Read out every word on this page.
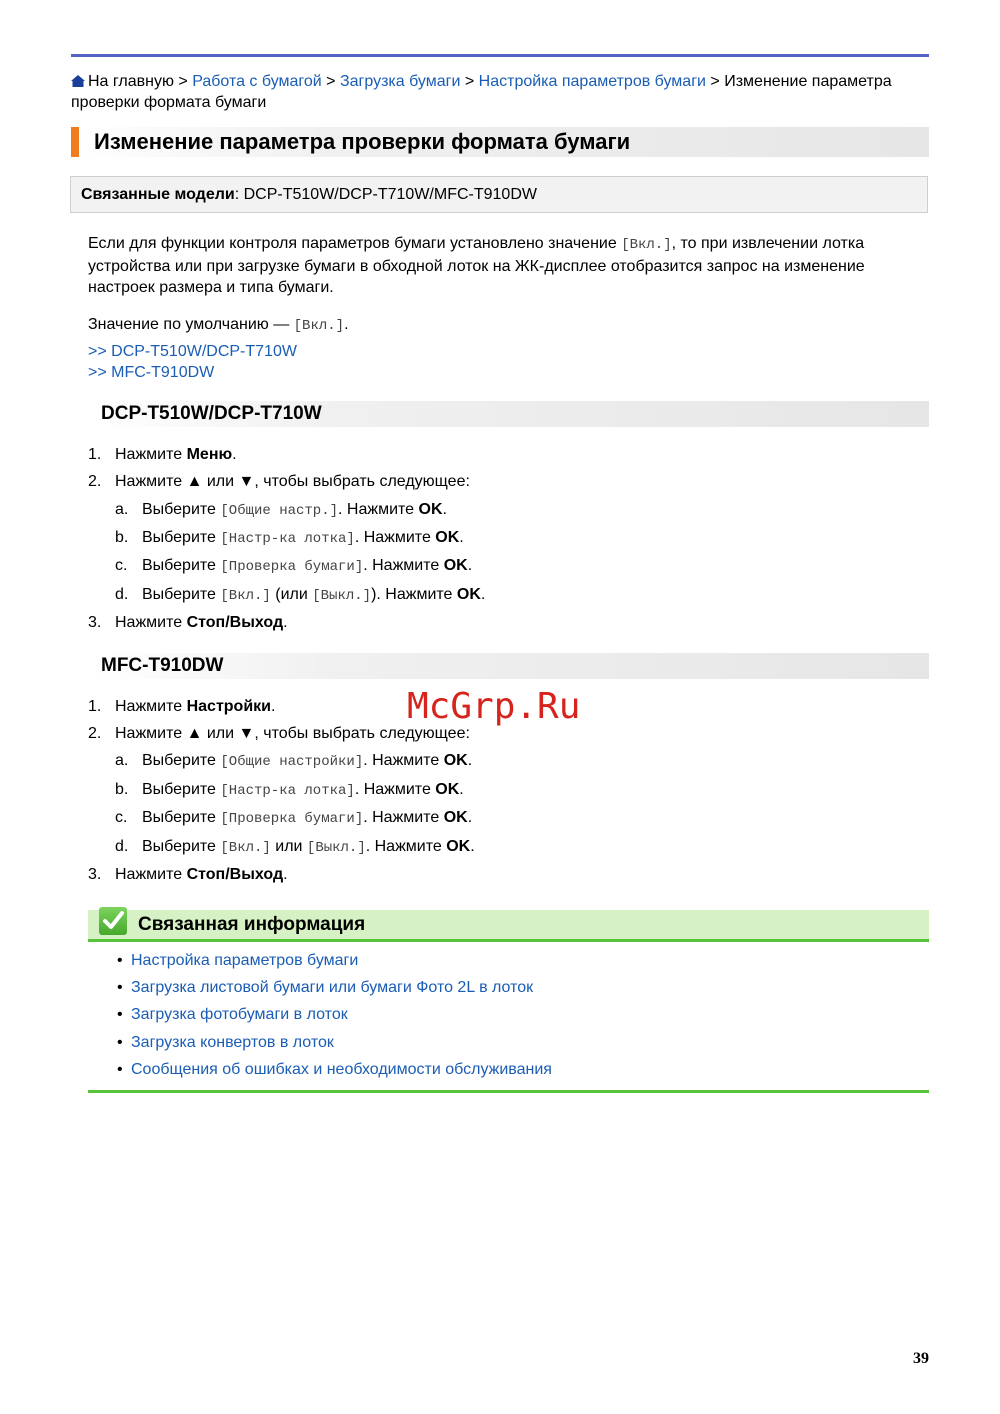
На главную > Работа с бумагой > Загрузка бумаги > Настройка параметров бумаги > Изменение параметра проверки формата бумаги
Изменение параметра проверки формата бумаги
Связанные модели: DCP-T510W/DCP-T710W/MFC-T910DW
Если для функции контроля параметров бумаги установлено значение [Вкл.], то при извлечении лотка устройства или при загрузке бумаги в обходной лоток на ЖК-дисплее отобразится запрос на изменение настроек размера и типа бумаги.
Значение по умолчанию — [Вкл.].
>> DCP-T510W/DCP-T710W
>> MFC-T910DW
DCP-T510W/DCP-T710W
1. Нажмите Меню.
2. Нажмите ▲ или ▼, чтобы выбрать следующее:
a. Выберите [Общие настр.]. Нажмите OK.
b. Выберите [Настр-ка лотка]. Нажмите OK.
c. Выберите [Проверка бумаги]. Нажмите OK.
d. Выберите [Вкл.] (или [Выкл.]). Нажмите OK.
3. Нажмите Стоп/Выход.
MFC-T910DW
1. Нажмите Настройки.
2. Нажмите ▲ или ▼, чтобы выбрать следующее:
a. Выберите [Общие настройки]. Нажмите OK.
b. Выберите [Настр-ка лотка]. Нажмите OK.
c. Выберите [Проверка бумаги]. Нажмите OK.
d. Выберите [Вкл.] или [Выкл.]. Нажмите OK.
3. Нажмите Стоп/Выход.
McGrp.Ru
Связанная информация
• Настройка параметров бумаги
• Загрузка листовой бумаги или бумаги Фото 2L в лоток
• Загрузка фотобумаги в лоток
• Загрузка конвертов в лоток
• Сообщения об ошибках и необходимости обслуживания
39
